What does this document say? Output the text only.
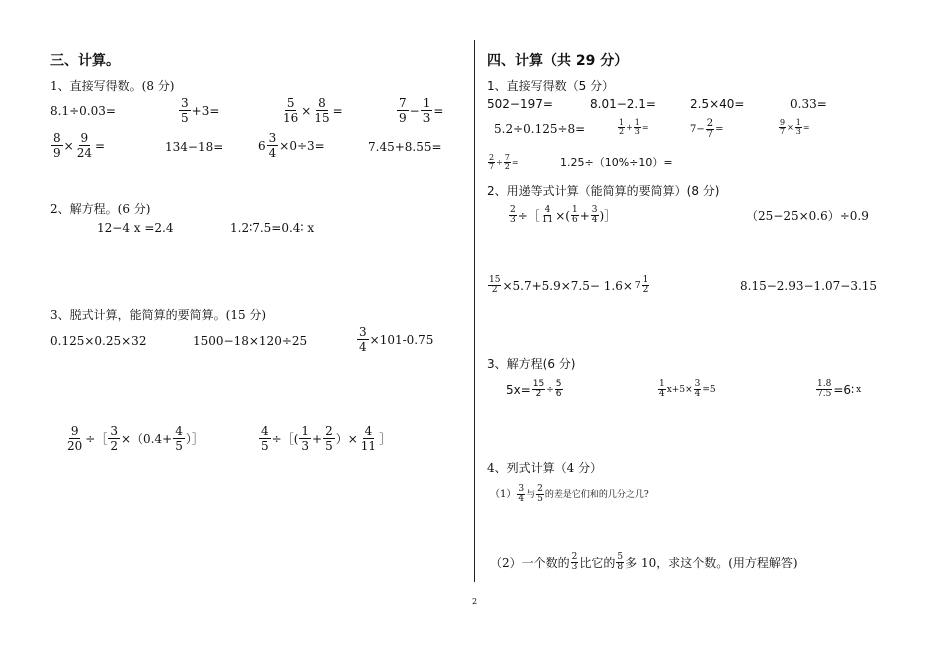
三、计算。
1、直接写得数。(8 分)
8.1÷0.03=
3
5
+3=	$\frac{5}{16} \times \frac{8}{15}$ =
7
9
− $\frac{1}{3}$ =
$\frac{8}{9} \times \frac{9}{24}$ =	134−18=	$6 \frac{3}{4} \times 0\div 3=$	7.45+8.55=
2、解方程。(6 分)
12−4 x =2.4	1.2∶7.5=0.4∶ x
3、脱式计算，能简算的要简算。(15 分)
0.125×0.25×32	1500−18×120÷25	$\frac{3}{4} \times 101-0.75$
$\frac{9}{20}$ ÷［ $\frac{3}{2} \times(0.4+ \frac{4}{5}$ ）］	$\frac{4}{5}$ ÷［(
1
3
+ $\frac{2}{5}$ ）× $\frac{4}{11}$ ］
四、计算（共 29 分）
1、直接写得数（5 分）
502−197=	8.01−2.1=	2.5×40=	0.33=
5.2÷0.125÷8=	1
$2 + \frac{1}{3}$ =	$7- \frac{2}{7}$ =	$\frac{9}{7} \times \frac{1}{3}$ =
$\frac{2}{7} \div \frac{7}{2}$ =	1.25÷（10%÷10）=
2、用递等式计算（能简算的要简算）(8 分)
$\frac{2}{3}$ ÷［ $\frac{4}{11}$ ×( 1
$6 + \frac{3}{4}$ )］	（25−25×0.6）÷0.9
$\frac{15}{2} \times 5.7+5.9\times 7.5- 1.6\times 7$
1
2	8.15−2.93−1.07−3.15
3、解方程(6 分)
$5x= \frac{15}{2} \div \frac{5}{6}$	1
4 $x+5\times \frac{3}{4} =5$	$\frac{1.8}{7.5}$ =6∶ x
4、列式计算（4 分）
（1） 3
4 与
2
5 的差是它们和的几分之几?
（2）一个数的 2
3 比它的 5
8 多 10，求这个数。(用方程解答)
2
